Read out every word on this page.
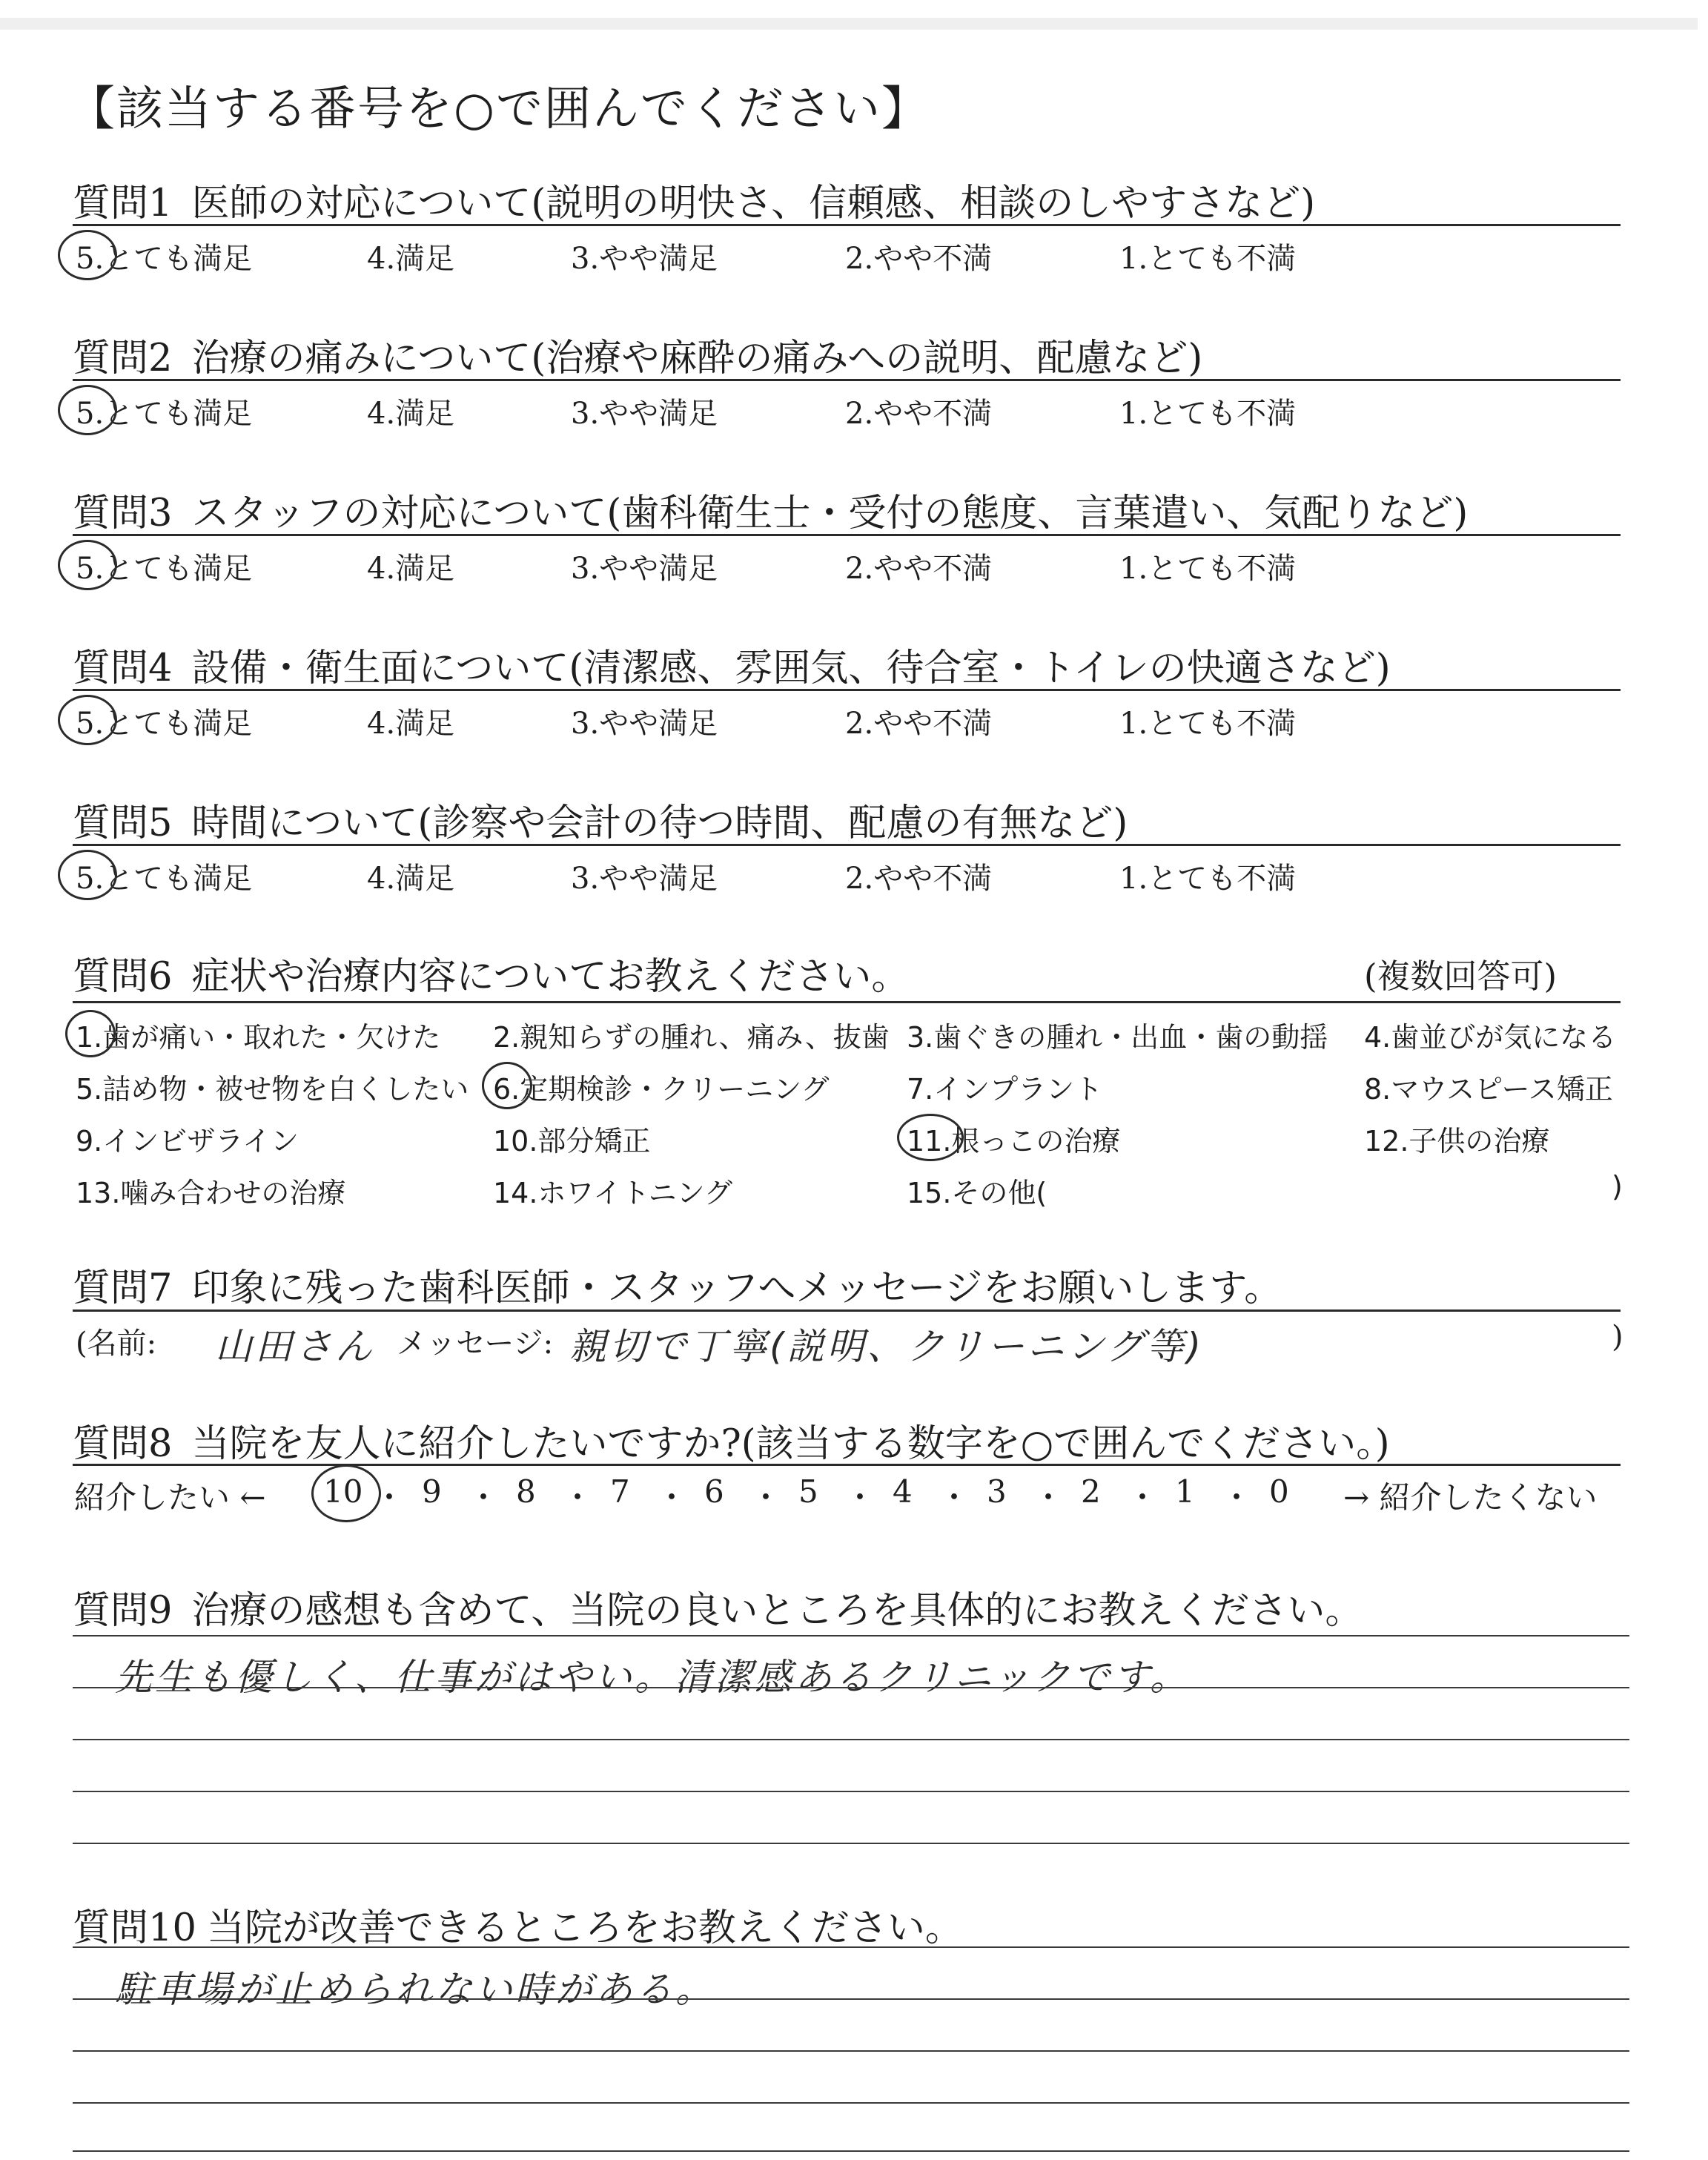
【該当する番号を○で囲んでください】
質問1 医師の対応について(説明の明快さ、信頼感、相談のしやすさなど)
5.とても満足	4.満足	3.やや満足	2.やや不満	1.とても不満
質問2 治療の痛みについて(治療や麻酔の痛みへの説明、配慮など)
5.とても満足	4.満足	3.やや満足	2.やや不満	1.とても不満
質問3 スタッフの対応について(歯科衛生士・受付の態度、言葉遣い、気配りなど)
5.とても満足	4.満足	3.やや満足	2.やや不満	1.とても不満
質問4 設備・衛生面について(清潔感、雰囲気、待合室・トイレの快適さなど)
5.とても満足	4.満足	3.やや満足	2.やや不満	1.とても不満
質問5 時間について(診察や会計の待つ時間、配慮の有無など)
5.とても満足	4.満足	3.やや満足	2.やや不満	1.とても不満
質問6 症状や治療内容についてお教えください。	(複数回答可)
1.歯が痛い・取れた・欠けた 2.親知らずの腫れ、痛み、抜歯 3.歯ぐきの腫れ・出血・歯の動揺 4.歯並びが気になる
5.詰め物・被せ物を白くしたい 6.定期検診・クリーニング	7.インプラント	8.マウスピース矯正
9.インビザライン	10.部分矯正	11.根っこの治療	12.子供の治療
13.噛み合わせの治療	14.ホワイトニング	15.その他(	)
質問7 印象に残った歯科医師・スタッフへメッセージをお願いします。
(名前: 山田さん メッセージ: 親切で丁寧(説明、クリーニング等)	)
質問8 当院を友人に紹介したいですか?(該当する数字を○で囲んでください。)
紹介したい ← 10 ・ 9 ・ 8 ・ 7 ・ 6 ・ 5 ・ 4 ・ 3 ・ 2 ・ 1 ・ 0 → 紹介したくない
質問9 治療の感想も含めて、当院の良いところを具体的にお教えください。
先生も優しく、仕事がはやい。清潔感あるクリニックです。
質問10 当院が改善できるところをお教えください。
駐車場が止められない時がある。
